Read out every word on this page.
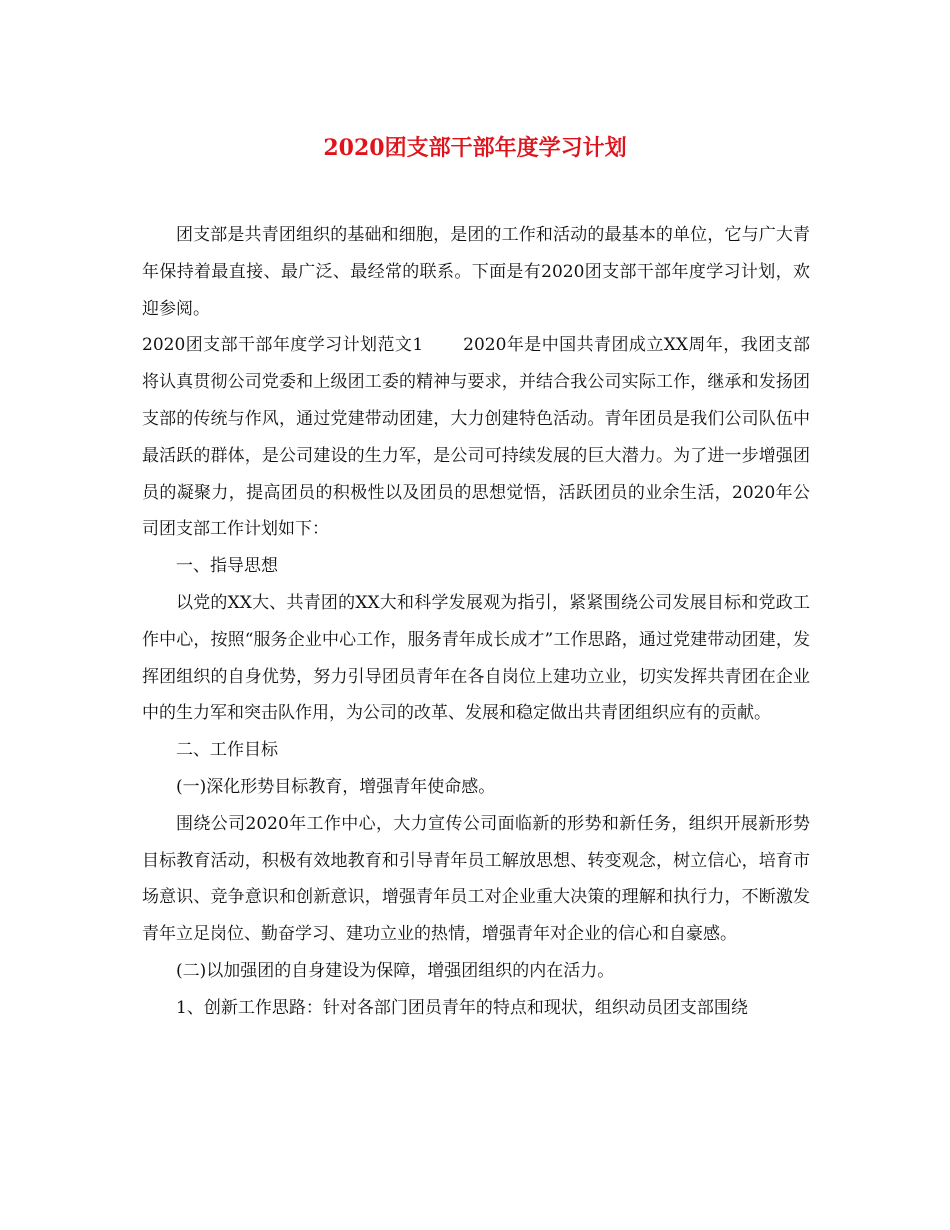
2020团支部干部年度学习计划

团支部是共青团组织的基础和细胞，是团的工作和活动的最基本的单位，它与广大青年保持着最直接、最广泛、最经常的联系。下面是有2020团支部干部年度学习计划，欢迎参阅。

2020团支部干部年度学习计划范文1 2020年是中国共青团成立XX周年，我团支部将认真贯彻公司党委和上级团工委的精神与要求，并结合我公司实际工作，继承和发扬团支部的传统与作风，通过党建带动团建，大力创建特色活动。青年团员是我们公司队伍中最活跃的群体，是公司建设的生力军，是公司可持续发展的巨大潜力。为了进一步增强团员的凝聚力，提高团员的积极性以及团员的思想觉悟，活跃团员的业余生活，2020年公司团支部工作计划如下：

一、指导思想

以党的XX大、共青团的XX大和科学发展观为指引，紧紧围绕公司发展目标和党政工作中心，按照“服务企业中心工作，服务青年成长成才”工作思路，通过党建带动团建，发挥团组织的自身优势，努力引导团员青年在各自岗位上建功立业，切实发挥共青团在企业中的生力军和突击队作用，为公司的改革、发展和稳定做出共青团组织应有的贡献。

二、工作目标

(一)深化形势目标教育，增强青年使命感。

围绕公司2020年工作中心，大力宣传公司面临新的形势和新任务，组织开展新形势目标教育活动，积极有效地教育和引导青年员工解放思想、转变观念，树立信心，培育市场意识、竞争意识和创新意识，增强青年员工对企业重大决策的理解和执行力，不断激发青年立足岗位、勤奋学习、建功立业的热情，增强青年对企业的信心和自豪感。

(二)以加强团的自身建设为保障，增强团组织的内在活力。

1、创新工作思路：针对各部门团员青年的特点和现状，组织动员团支部围绕
